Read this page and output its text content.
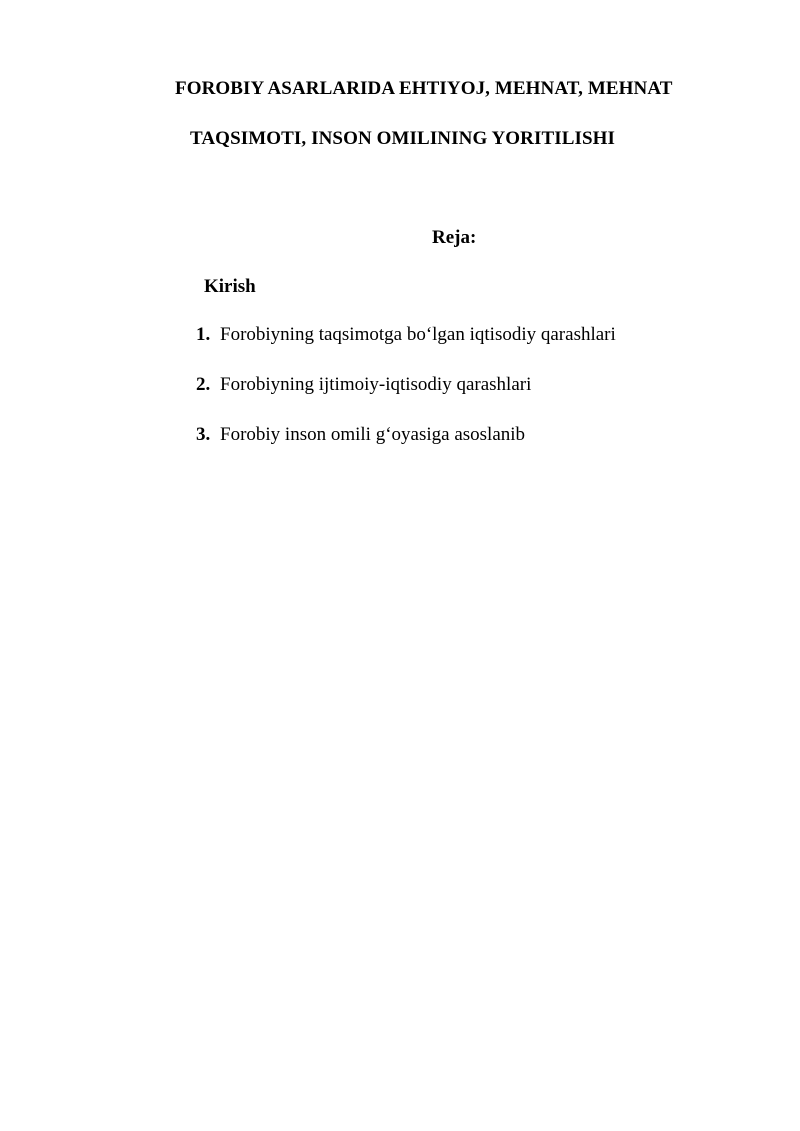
FOROBIY ASARLARIDA EHTIYOJ, MEHNAT, MEHNAT
TAQSIMOTI, INSON OMILINING YORITILISHI
Reja:
Kirish
1. Forobiyning taqsimotga bo‘lgan iqtisodiy qarashlari
2. Forobiyning ijtimoiy-iqtisodiy qarashlari
3. Forobiy inson omili g‘oyasiga asoslanib
